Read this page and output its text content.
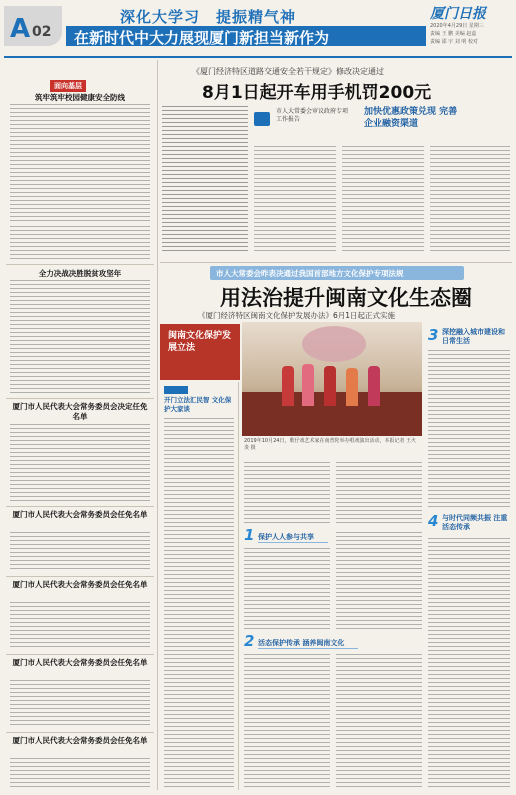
A 02
深化大学习　提振精气神
在新时代中大力展现厦门新担当新作为
厦门日报
2020年4月29日 星期三
责编 王 鹏 美编 赵蕊
责编 邵 宇 刘 明 校对
面向基层
筑牢筑牢校园健康安全防线
全力决战决胜脱贫攻坚年
厦门市人民代表大会常务委员会决定任免名单
厦门市人民代表大会常务委员会任免名单
厦门市人民代表大会常务委员会任免名单
厦门市人民代表大会常务委员会任免名单
厦门市人民代表大会常务委员会任免名单
《厦门经济特区道路交通安全若干规定》修改决定通过
8月1日起开车用手机罚200元
市人大常委会审议政府专项工作报告
加快优惠政策兑现 完善企业融资渠道
市人大常委会昨表决通过我国首部地方文化保护专项法规
用法治提升闽南文化生态圈
《厦门经济特区闽南文化保护发展办法》6月1日起正式实施
闽南文化保护发展立法
2019年10月24日，歌仔戏艺术家在南普陀举办唱戏演出活动，本报记者 王火炎 摄
开门立法汇民智 文化保护大家谈
3 深挖融入城市建设和日常生活
1 保护人人参与共享
2 活态保护传承 涵养闽南文化
4 与时代同频共振 注重活态传承
